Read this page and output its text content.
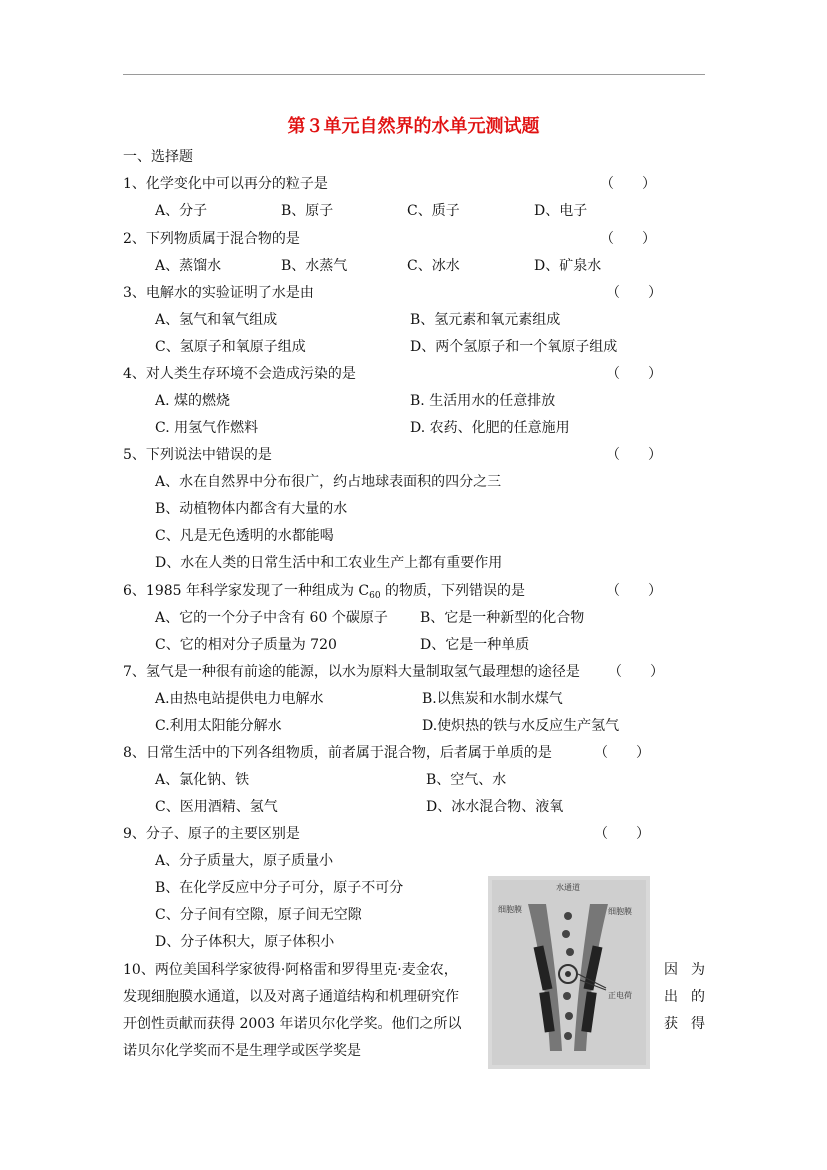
第３单元自然界的水单元测试题
一、选择题
1、化学变化中可以再分的粒子是	（　　）
A、分子	B、原子	C、质子	D、电子
2、下列物质属于混合物的是	（　　）
A、蒸馏水	B、水蒸气	C、冰水	D、矿泉水
3、电解水的实验证明了水是由	（　　）
A、氢气和氧气组成	B、氢元素和氧元素组成
C、氢原子和氧原子组成	D、两个氢原子和一个氧原子组成
4、对人类生存环境不会造成污染的是	（　　）
A. 煤的燃烧	B. 生活用水的任意排放
C. 用氢气作燃料	D. 农药、化肥的任意施用
5、下列说法中错误的是	（　　）
A、水在自然界中分布很广，约占地球表面积的四分之三
B、动植物体内都含有大量的水
C、凡是无色透明的水都能喝
D、水在人类的日常生活中和工农业生产上都有重要作用
6、1985 年科学家发现了一种组成为 $C_{60}$ 的物质，下列错误的是	（　　）
A、它的一个分子中含有 60 个碳原子 B、它是一种新型的化合物
C、它的相对分子质量为 720	D、它是一种单质
7、氢气是一种很有前途的能源，以水为原料大量制取氢气最理想的途径是 （　　）
A.由热电站提供电力电解水	B.以焦炭和水制水煤气
C.利用太阳能分解水	D.使炽热的铁与水反应生产氢气
8、日常生活中的下列各组物质，前者属于混合物，后者属于单质的是	（　　）
A、氯化钠、铁	B、空气、水
C、医用酒精、氢气	D、冰水混合物、液氧
9、分子、原子的主要区别是	（　　）
A、分子质量大，原子质量小
B、在化学反应中分子可分，原子不可分
C、分子间有空隙，原子间无空隙
D、分子体积大，原子体积小
10、两位美国科学家彼得·阿格雷和罗得里克·麦金农，	因 为
发现细胞膜水通道，以及对离子通道结构和机理研究作	出 的
开创性贡献而获得 2003 年诺贝尔化学奖。他们之所以	获 得
诺贝尔化学奖而不是生理学或医学奖是
水通道
细胞膜	细胞膜
正电荷
